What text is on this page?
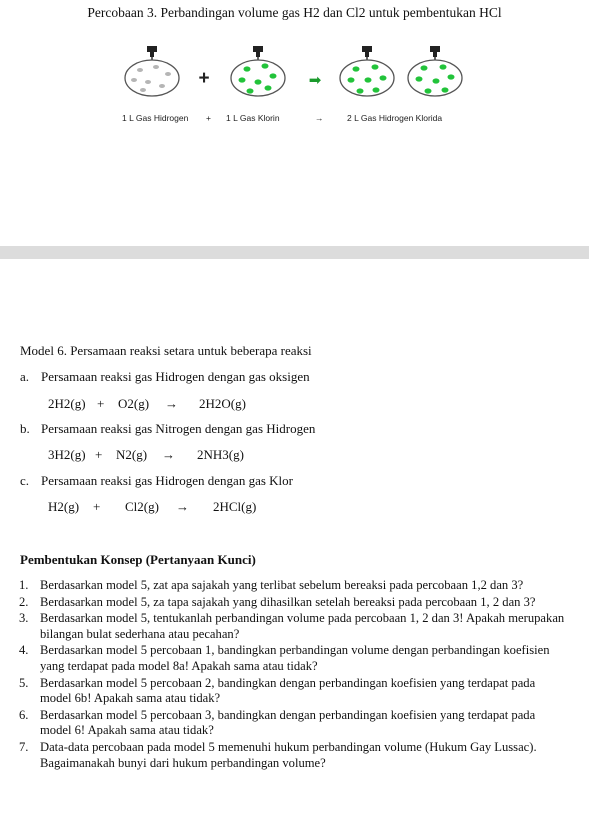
Percobaan 3. Perbandingan volume gas H2 dan Cl2 untuk pembentukan HCl
+	➡
1 L Gas Hidrogen + 1 L Gas Klorin	→	2 L Gas Hidrogen Klorida
Model 6. Persamaan reaksi setara untuk beberapa reaksi
a. Persamaan reaksi gas Hidrogen dengan gas oksigen
2H2(g) + O2(g) → 2H2O(g)
b. Persamaan reaksi gas Nitrogen dengan gas Hidrogen
3H2(g) + N2(g) → 2NH3(g)
c. Persamaan reaksi gas Hidrogen dengan gas Klor
H2(g) + Cl2(g) → 2HCl(g)
Pembentukan Konsep (Pertanyaan Kunci)
1. Berdasarkan model 5, zat apa sajakah yang terlibat sebelum bereaksi pada percobaan 1,2 dan 3?
2. Berdasarkan model 5, za tapa sajakah yang dihasilkan setelah bereaksi pada percobaan 1, 2 dan 3?
3. Berdasarkan model 5, tentukanlah perbandingan volume pada percobaan 1, 2 dan 3! Apakah merupakan bilangan bulat sederhana atau pecahan?
4. Berdasarkan model 5 percobaan 1, bandingkan perbandingan volume dengan perbandingan koefisien yang terdapat pada model 8a! Apakah sama atau tidak?
5. Berdasarkan model 5 percobaan 2, bandingkan dengan perbandingan koefisien yang terdapat pada model 6b! Apakah sama atau tidak?
6. Berdasarkan model 5 percobaan 3, bandingkan dengan perbandingan koefisien yang terdapat pada model 6! Apakah sama atau tidak?
7. Data-data percobaan pada model 5 memenuhi hukum perbandingan volume (Hukum Gay Lussac). Bagaimanakah bunyi dari hukum perbandingan volume?
